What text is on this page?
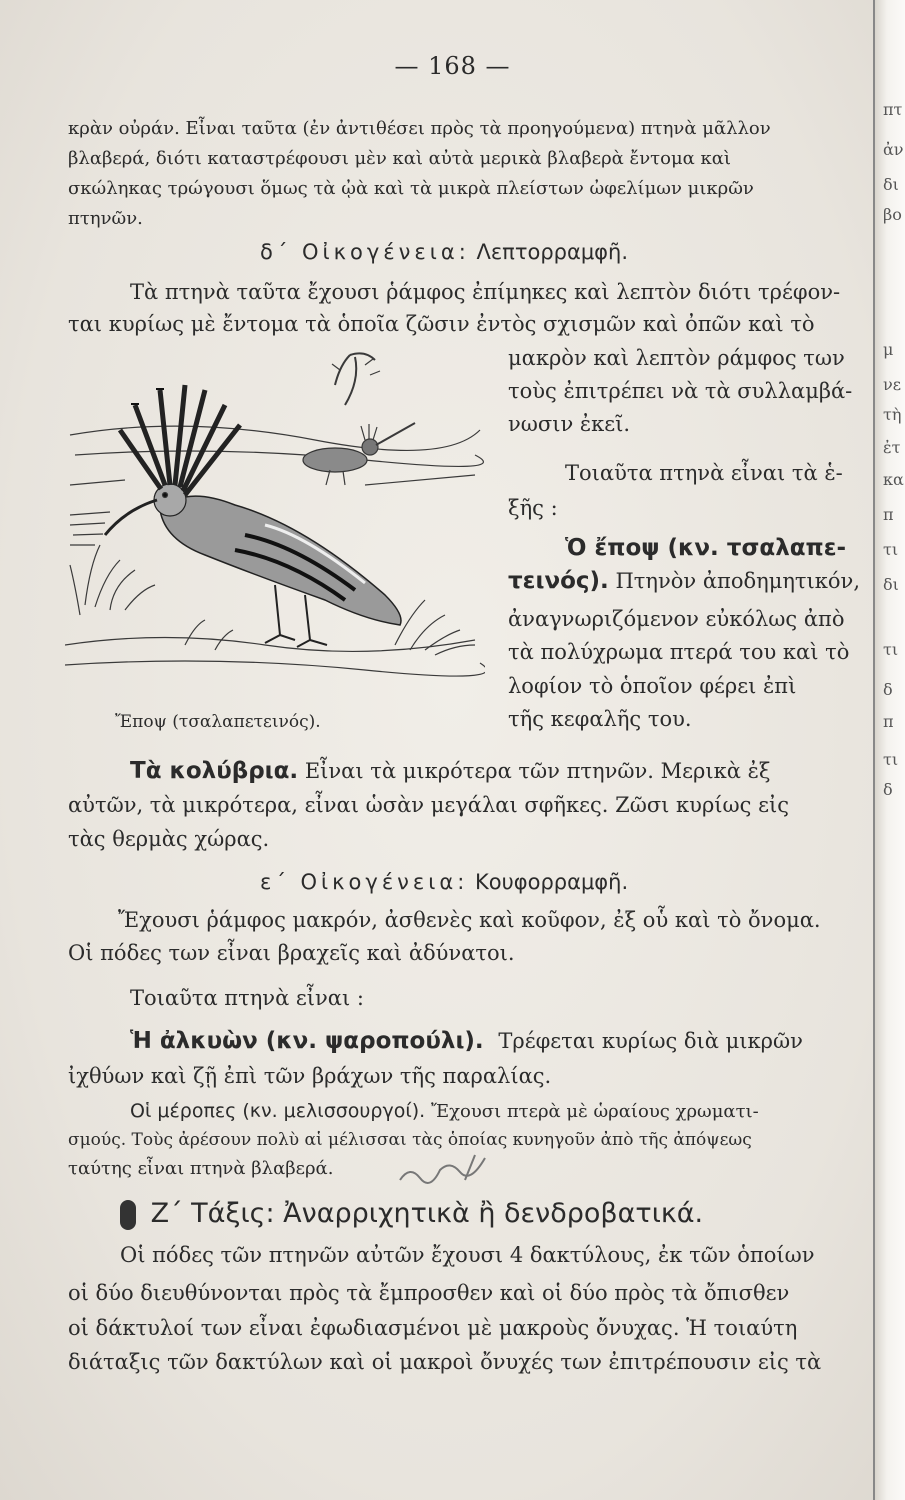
πτ
ἀν
δι
βο
μ
νε
τὴ
ἐτ
κα
π
τι
δι
τι
δ
π
τι
δ
— 168 —
κρὰν οὐράν. Εἶναι ταῦτα (ἐν ἀντιθέσει πρὸς τὰ προηγούμενα) πτηνὰ μᾶλλον
βλαβερά, διότι καταστρέφουσι μὲν καὶ αὐτὰ μερικὰ βλαβερὰ ἔντομα καὶ
σκώληκας τρώγουσι ὅμως τὰ ᾠὰ καὶ τὰ μικρὰ πλείστων ὠφελίμων μικρῶν
πτηνῶν.
δ΄ Οἰκογένεια: Λεπτορραμφῆ.
Τὰ πτηνὰ ταῦτα ἔχουσι ῥάμφος ἐπίμηκες καὶ λεπτὸν διότι τρέφον-
ται κυρίως μὲ ἔντομα τὰ ὁποῖα ζῶσιν ἐντὸς σχισμῶν καὶ ὀπῶν καὶ τὸ
μακρὸν καὶ λεπτὸν ράμφος των
τοὺς ἐπιτρέπει νὰ τὰ συλλαμβά-
νωσιν ἐκεῖ.
Τοιαῦτα πτηνὰ εἶναι τὰ ἑ-
ξῆς :
Ὁ ἔποψ (κν. τσαλαπε-
τεινός). Πτηνὸν ἀποδημητικόν,
ἀναγνωριζόμενον εὐκόλως ἀπὸ
τὰ πολύχρωμα πτερά του καὶ τὸ
λοφίον τὸ ὁποῖον φέρει ἐπὶ
τῆς κεφαλῆς του.
Ἔποψ (τσαλαπετεινός).
Τὰ κολύβρια. Εἶναι τὰ μικρότερα τῶν πτηνῶν. Μερικὰ ἐξ
αὐτῶν, τὰ μικρότερα, εἶναι ὡσὰν μεγάλαι σφῆκες. Ζῶσι κυρίως εἰς
τὰς θερμὰς χώρας.
ε΄ Οἰκογένεια: Κουφορραμφῆ.
Ἔχουσι ῥάμφος μακρόν, ἀσθενὲς καὶ κοῦφον, ἐξ οὗ καὶ τὸ ὄνομα.
Οἱ πόδες των εἶναι βραχεῖς καὶ ἀδύνατοι.
Τοιαῦτα πτηνὰ εἶναι :
Ἡ ἀλκυὼν (κν. ψαροπούλι). Τρέφεται κυρίως διὰ μικρῶν
ἰχθύων καὶ ζῇ ἐπὶ τῶν βράχων τῆς παραλίας.
Οἱ μέροπες (κν. μελισσουργοί). Ἔχουσι πτερὰ μὲ ὡραίους χρωματι-
σμούς. Τοὺς ἀρέσουν πολὺ αἱ μέλισσαι τὰς ὁποίας κυνηγοῦν ἀπὸ τῆς ἀπόψεως
ταύτης εἶναι πτηνὰ βλαβερά.
Ζ΄ Τάξις: Ἀναρριχητικὰ ἢ δενδροβατικά.
Οἱ πόδες τῶν πτηνῶν αὐτῶν ἔχουσι 4 δακτύλους, ἐκ τῶν ὁποίων
οἱ δύο διευθύνονται πρὸς τὰ ἔμπροσθεν καὶ οἱ δύο πρὸς τὰ ὄπισθεν
οἱ δάκτυλοί των εἶναι ἐφωδιασμένοι μὲ μακροὺς ὄνυχας. Ἡ τοιαύτη
διάταξις τῶν δακτύλων καὶ οἱ μακροὶ ὄνυχές των ἐπιτρέπουσιν εἰς τὰ
